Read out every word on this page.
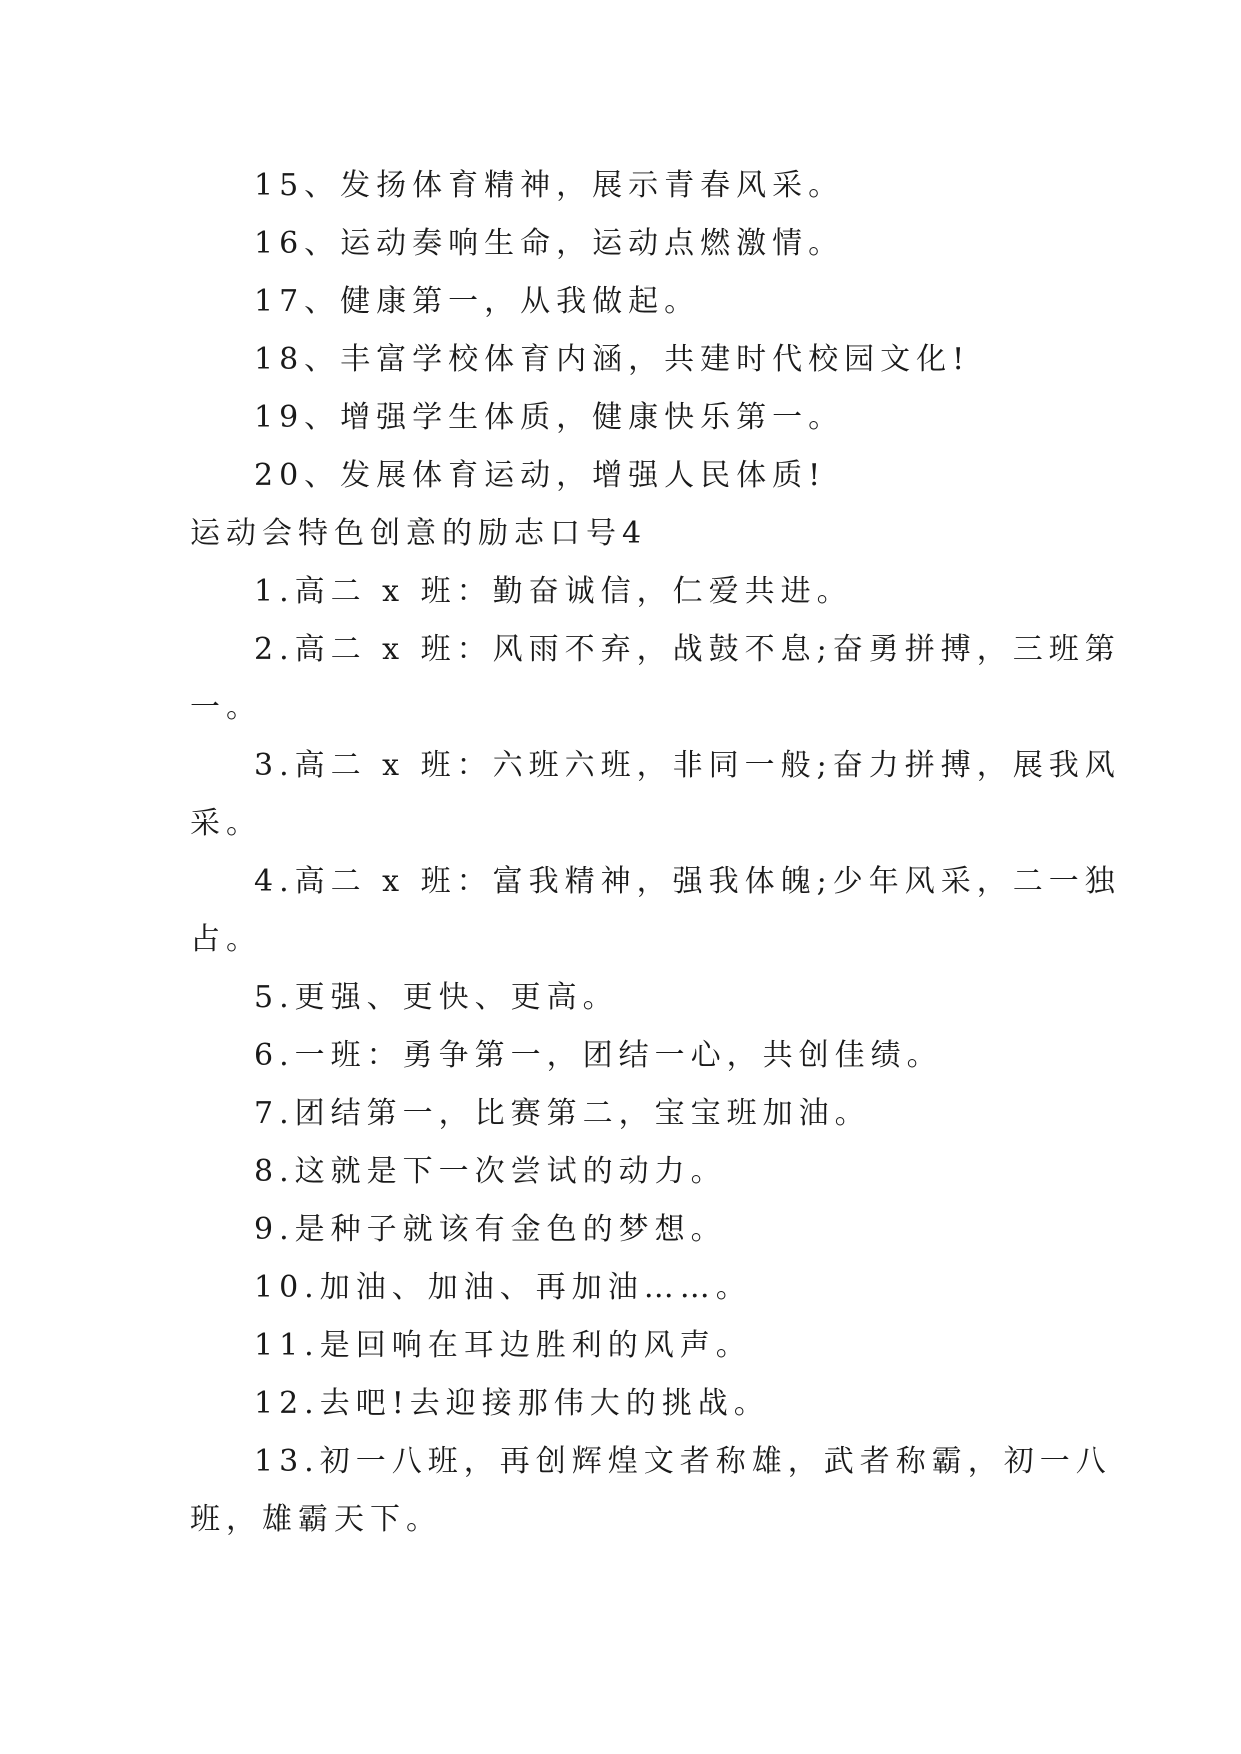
15、发扬体育精神，展示青春风采。
16、运动奏响生命，运动点燃激情。
17、健康第一，从我做起。
18、丰富学校体育内涵，共建时代校园文化!
19、增强学生体质，健康快乐第一。
20、发展体育运动，增强人民体质!
运动会特色创意的励志口号4
1.高二 x 班：勤奋诚信，仁爱共进。
2.高二 x 班：风雨不弃，战鼓不息;奋勇拼搏，三班第
一。
3.高二 x 班：六班六班，非同一般;奋力拼搏，展我风
采。
4.高二 x 班：富我精神，强我体魄;少年风采，二一独
占。
5.更强、更快、更高。
6.一班：勇争第一，团结一心，共创佳绩。
7.团结第一，比赛第二，宝宝班加油。
8.这就是下一次尝试的动力。
9.是种子就该有金色的梦想。
10.加油、加油、再加油……。
11.是回响在耳边胜利的风声。
12.去吧!去迎接那伟大的挑战。
13.初一八班，再创辉煌文者称雄，武者称霸，初一八
班，雄霸天下。
